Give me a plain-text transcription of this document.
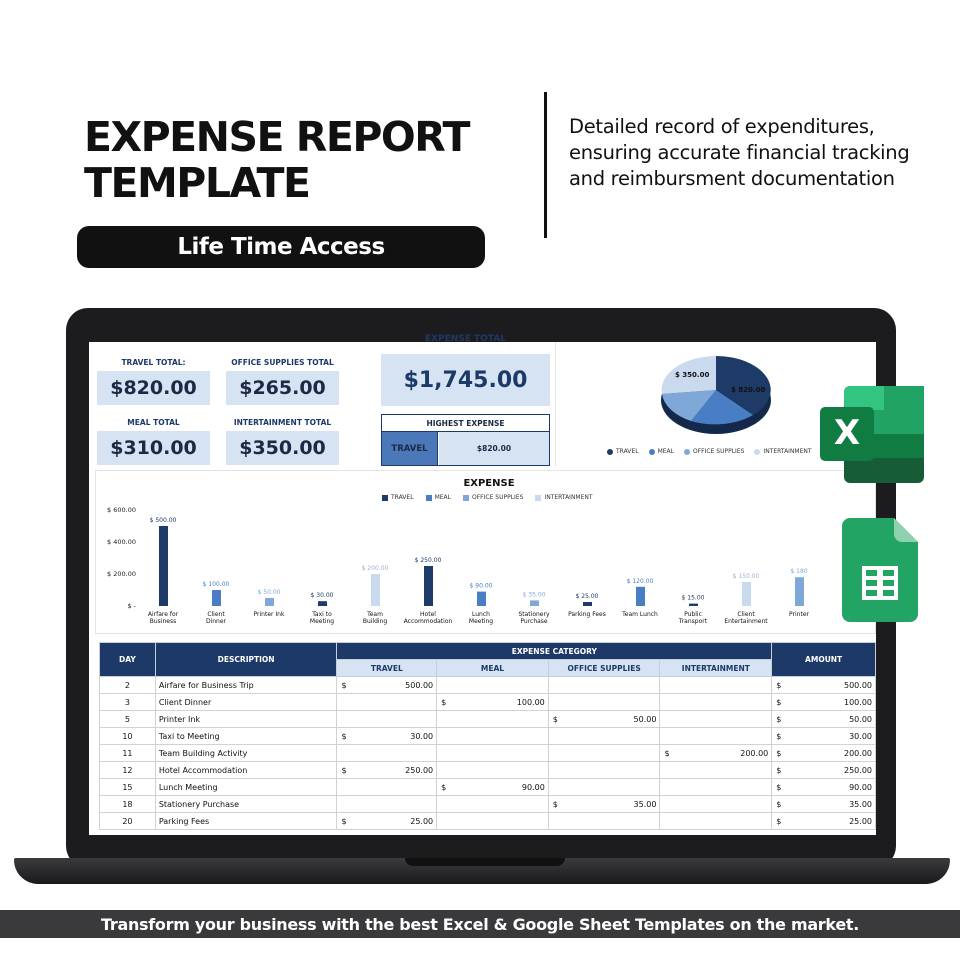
EXPENSE REPORT
TEMPLATE
Life Time Access
Detailed record of expenditures, ensuring accurate financial tracking and reimbursment documentation
TRAVEL TOTAL:
$820.00
OFFICE SUPPLIES TOTAL
$265.00
MEAL TOTAL
$310.00
INTERTAINMENT TOTAL
$350.00
EXPENSE TOTAL
$1,745.00
HIGHEST EXPENSE
TRAVEL	$820.00
$ 350.00
$ 820.00
TRAVEL	MEAL	OFFICE SUPPLIES	INTERTAINMENT
EXPENSE
TRAVEL	MEAL	OFFICE SUPPLIES	INTERTAINMENT
$ 600.00
$ 400.00
$ 200.00
$ -
$ 500.00
Airfare for
Business
$ 100.00
Client
Dinner
$ 50.00
Printer Ink
$ 30.00
Taxi to
Meeting
$ 200.00
Team
Building
$ 250.00
Hotel
Accommodation
$ 90.00
Lunch
Meeting
$ 35.00
Stationery
Purchase
$ 25.00
Parking Fees
$ 120.00
Team Lunch
$ 15.00
Public
Transport
$ 150.00
Client
Entertainment
$ 180
Printer
DAY	DESCRIPTION	EXPENSE CATEGORY				AMOUNT
		TRAVEL	MEAL	OFFICE SUPPLIES	INTERTAINMENT	
2	Airfare for Business Trip	$ 500.00				$ 500.00
3	Client Dinner		$ 100.00			$ 100.00
5	Printer Ink			$ 50.00		$ 50.00
10	Taxi to Meeting	$ 30.00				$ 30.00
11	Team Building Activity				$ 200.00	$ 200.00
12	Hotel Accommodation	$ 250.00				$ 250.00
15	Lunch Meeting		$ 90.00			$ 90.00
18	Stationery Purchase			$ 35.00		$ 35.00
20	Parking Fees	$ 25.00				$ 25.00
X
Transform your business with the best Excel & Google Sheet Templates on the market.
